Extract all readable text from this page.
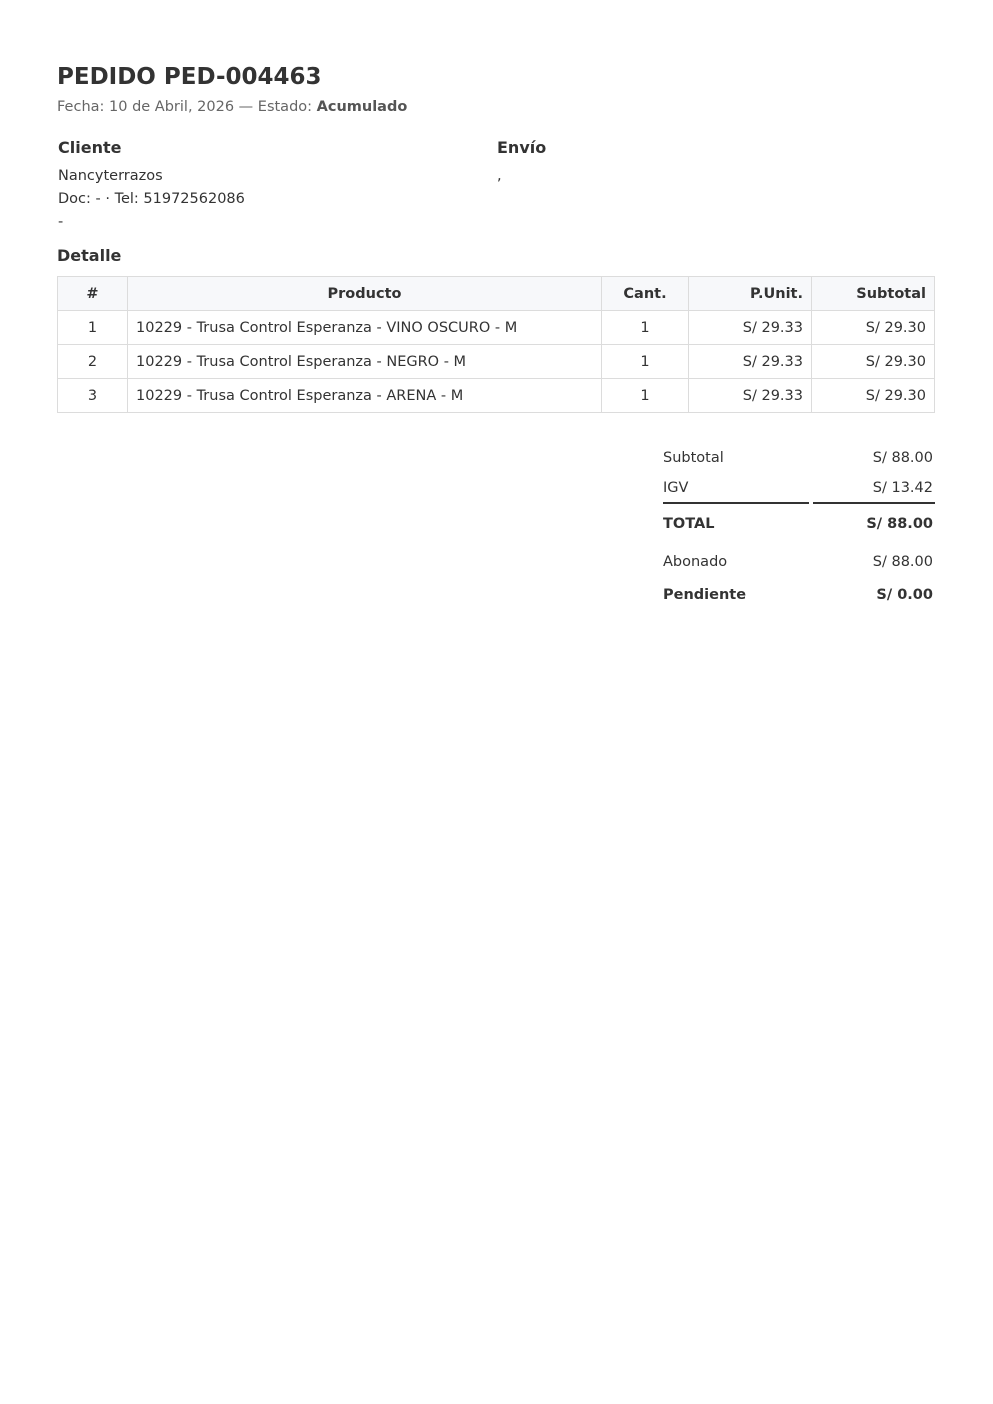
PEDIDO PED-004463
Fecha: 10 de Abril, 2026 — Estado: Acumulado
Cliente
Nancyterrazos
Doc: - · Tel: 51972562086
-
Envío
,
Detalle
#	Producto	Cant.	P.Unit.	Subtotal
1	10229 - Trusa Control Esperanza - VINO OSCURO - M	1	S/ 29.33	S/ 29.30
2	10229 - Trusa Control Esperanza - NEGRO - M	1	S/ 29.33	S/ 29.30
3	10229 - Trusa Control Esperanza - ARENA - M	1	S/ 29.33	S/ 29.30
Subtotal	S/ 88.00
IGV	S/ 13.42
TOTAL	S/ 88.00
Abonado	S/ 88.00
Pendiente	S/ 0.00
